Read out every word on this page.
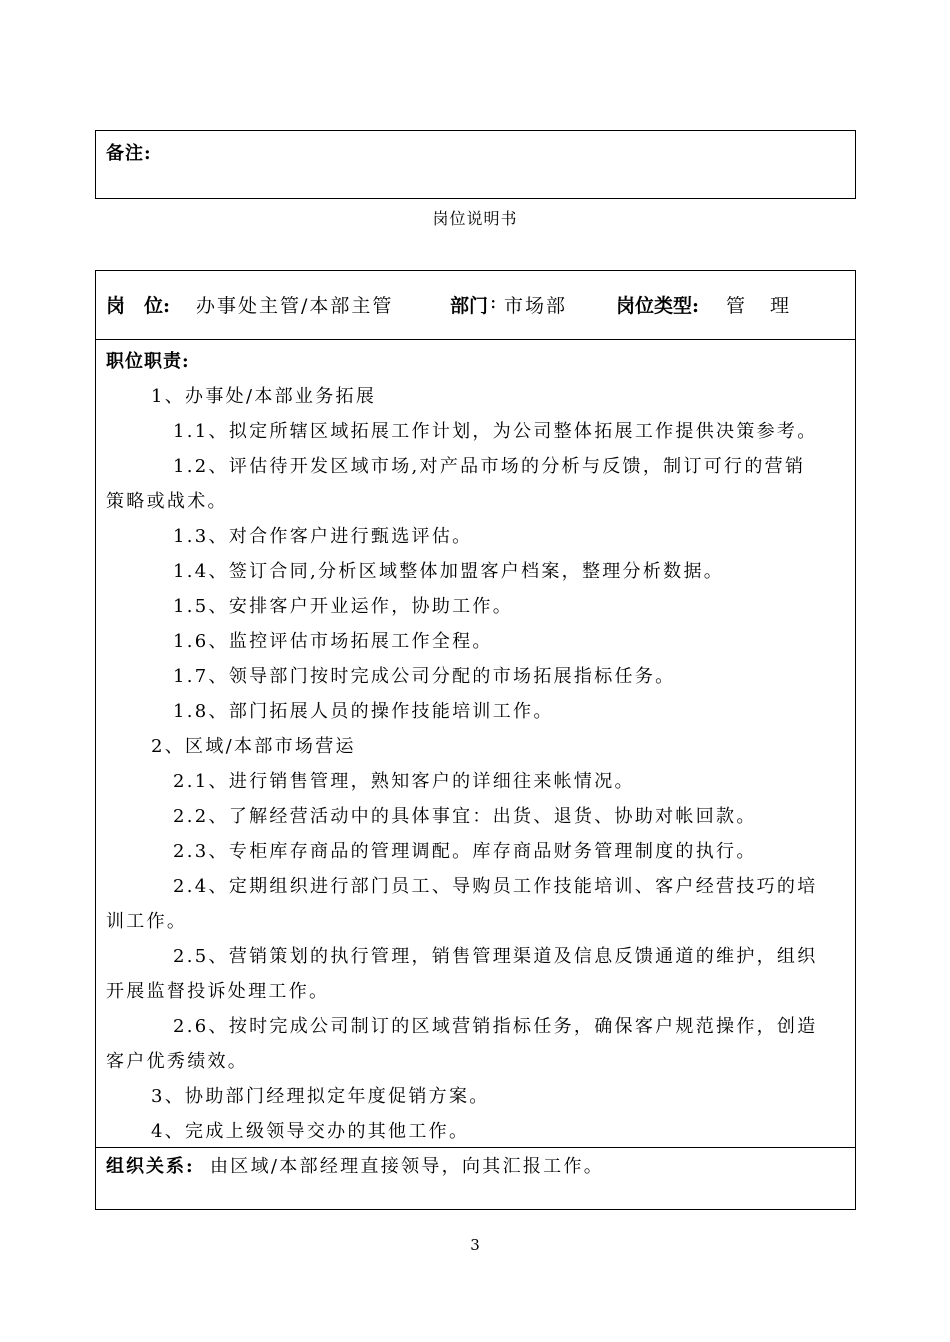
备注:
岗位说明书
岗　位: 办事处主管/本部主管	部门 : 市场部	岗位类型: 管　 理
职位职责:
1、办事处/本部业务拓展
1.1、拟定所辖区域拓展工作计划，为公司整体拓展工作提供决策参考。
1.2、评估待开发区域市场,对产品市场的分析与反馈，制订可行的营销
策略或战术。
1.3、对合作客户进行甄选评估。
1.4、签订合同,分析区域整体加盟客户档案，整理分析数据。
1.5、安排客户开业运作，协助工作。
1.6、监控评估市场拓展工作全程。
1.7、领导部门按时完成公司分配的市场拓展指标任务。
1.8、部门拓展人员的操作技能培训工作。
2、区域/本部市场营运
2.1、进行销售管理，熟知客户的详细往来帐情况。
2.2、了解经营活动中的具体事宜：出货、退货、协助对帐回款。
2.3、专柜库存商品的管理调配。库存商品财务管理制度的执行。
2.4、定期组织进行部门员工、导购员工作技能培训、客户经营技巧的培
训工作。
2.5、营销策划的执行管理，销售管理渠道及信息反馈通道的维护，组织
开展监督投诉处理工作。
2.6、按时完成公司制订的区域营销指标任务，确保客户规范操作，创造
客户优秀绩效。
3、协助部门经理拟定年度促销方案。
4、完成上级领导交办的其他工作。
组织关系: 由区域/本部经理直接领导，向其汇报工作。
3
